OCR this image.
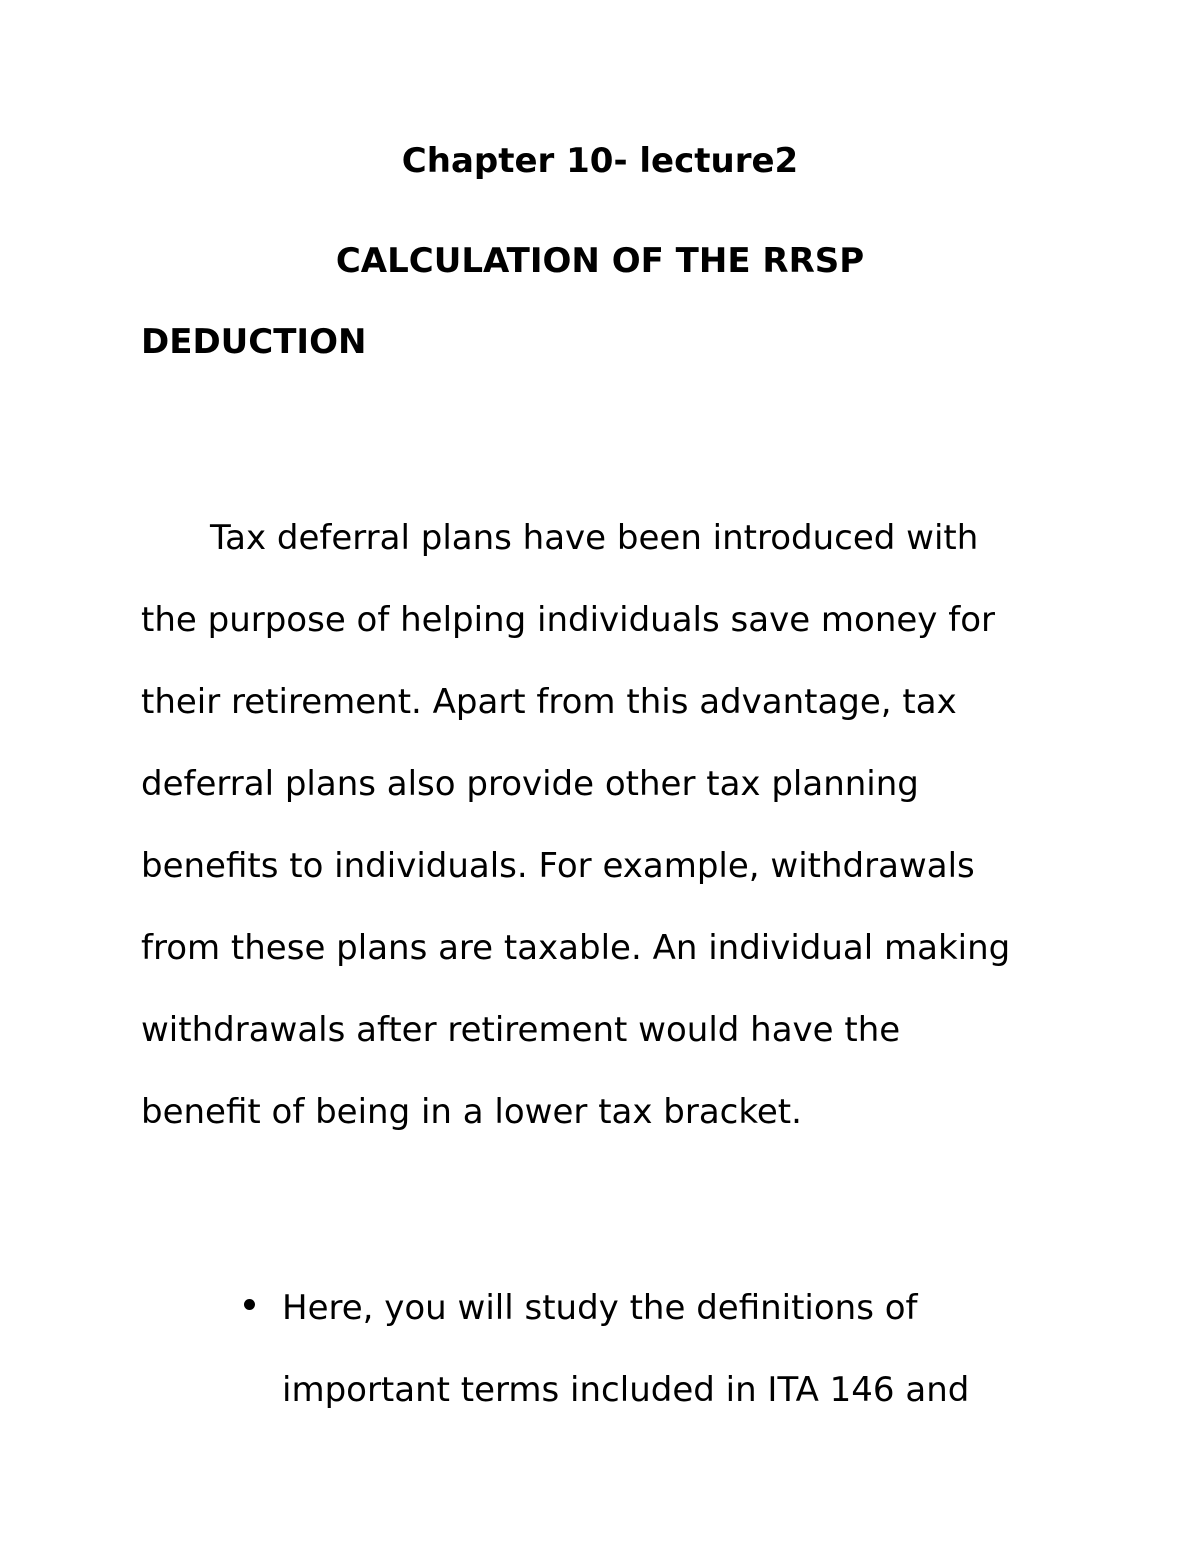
Chapter 10- lecture2
CALCULATION OF THE RRSP
DEDUCTION
Tax deferral plans have been introduced with
the purpose of helping individuals save money for
their retirement. Apart from this advantage, tax
deferral plans also provide other tax planning
benefits to individuals. For example, withdrawals
from these plans are taxable. An individual making
withdrawals after retirement would have the
benefit of being in a lower tax bracket.
Here, you will study the definitions of
important terms included in ITA 146 and
